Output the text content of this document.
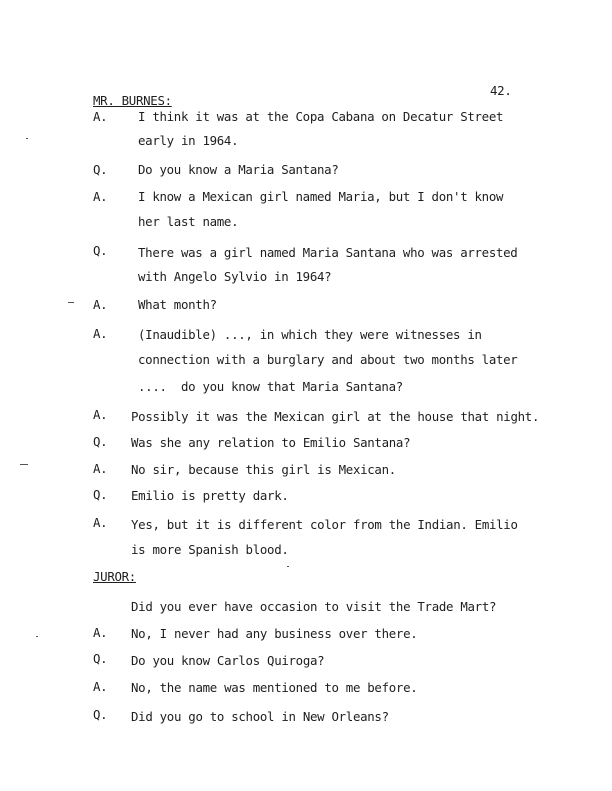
42.
MR. BURNES:
A. I think it was at the Copa Cabana on Decatur Street
early in 1964.
Q. Do you know a Maria Santana?
A. I know a Mexican girl named Maria, but I don't know
her last name.
Q. There was a girl named Maria Santana who was arrested
with Angelo Sylvio in 1964?
A. What month?
A. (Inaudible) ..., in which they were witnesses in
connection with a burglary and about two months later
....  do you know that Maria Santana?
A. Possibly it was the Mexican girl at the house that night.
Q. Was she any relation to Emilio Santana?
A. No sir, because this girl is Mexican.
Q. Emilio is pretty dark.
A. Yes, but it is different color from the Indian. Emilio
is more Spanish blood.
JUROR:
Did you ever have occasion to visit the Trade Mart?
A. No, I never had any business over there.
Q. Do you know Carlos Quiroga?
A. No, the name was mentioned to me before.
Q. Did you go to school in New Orleans?
